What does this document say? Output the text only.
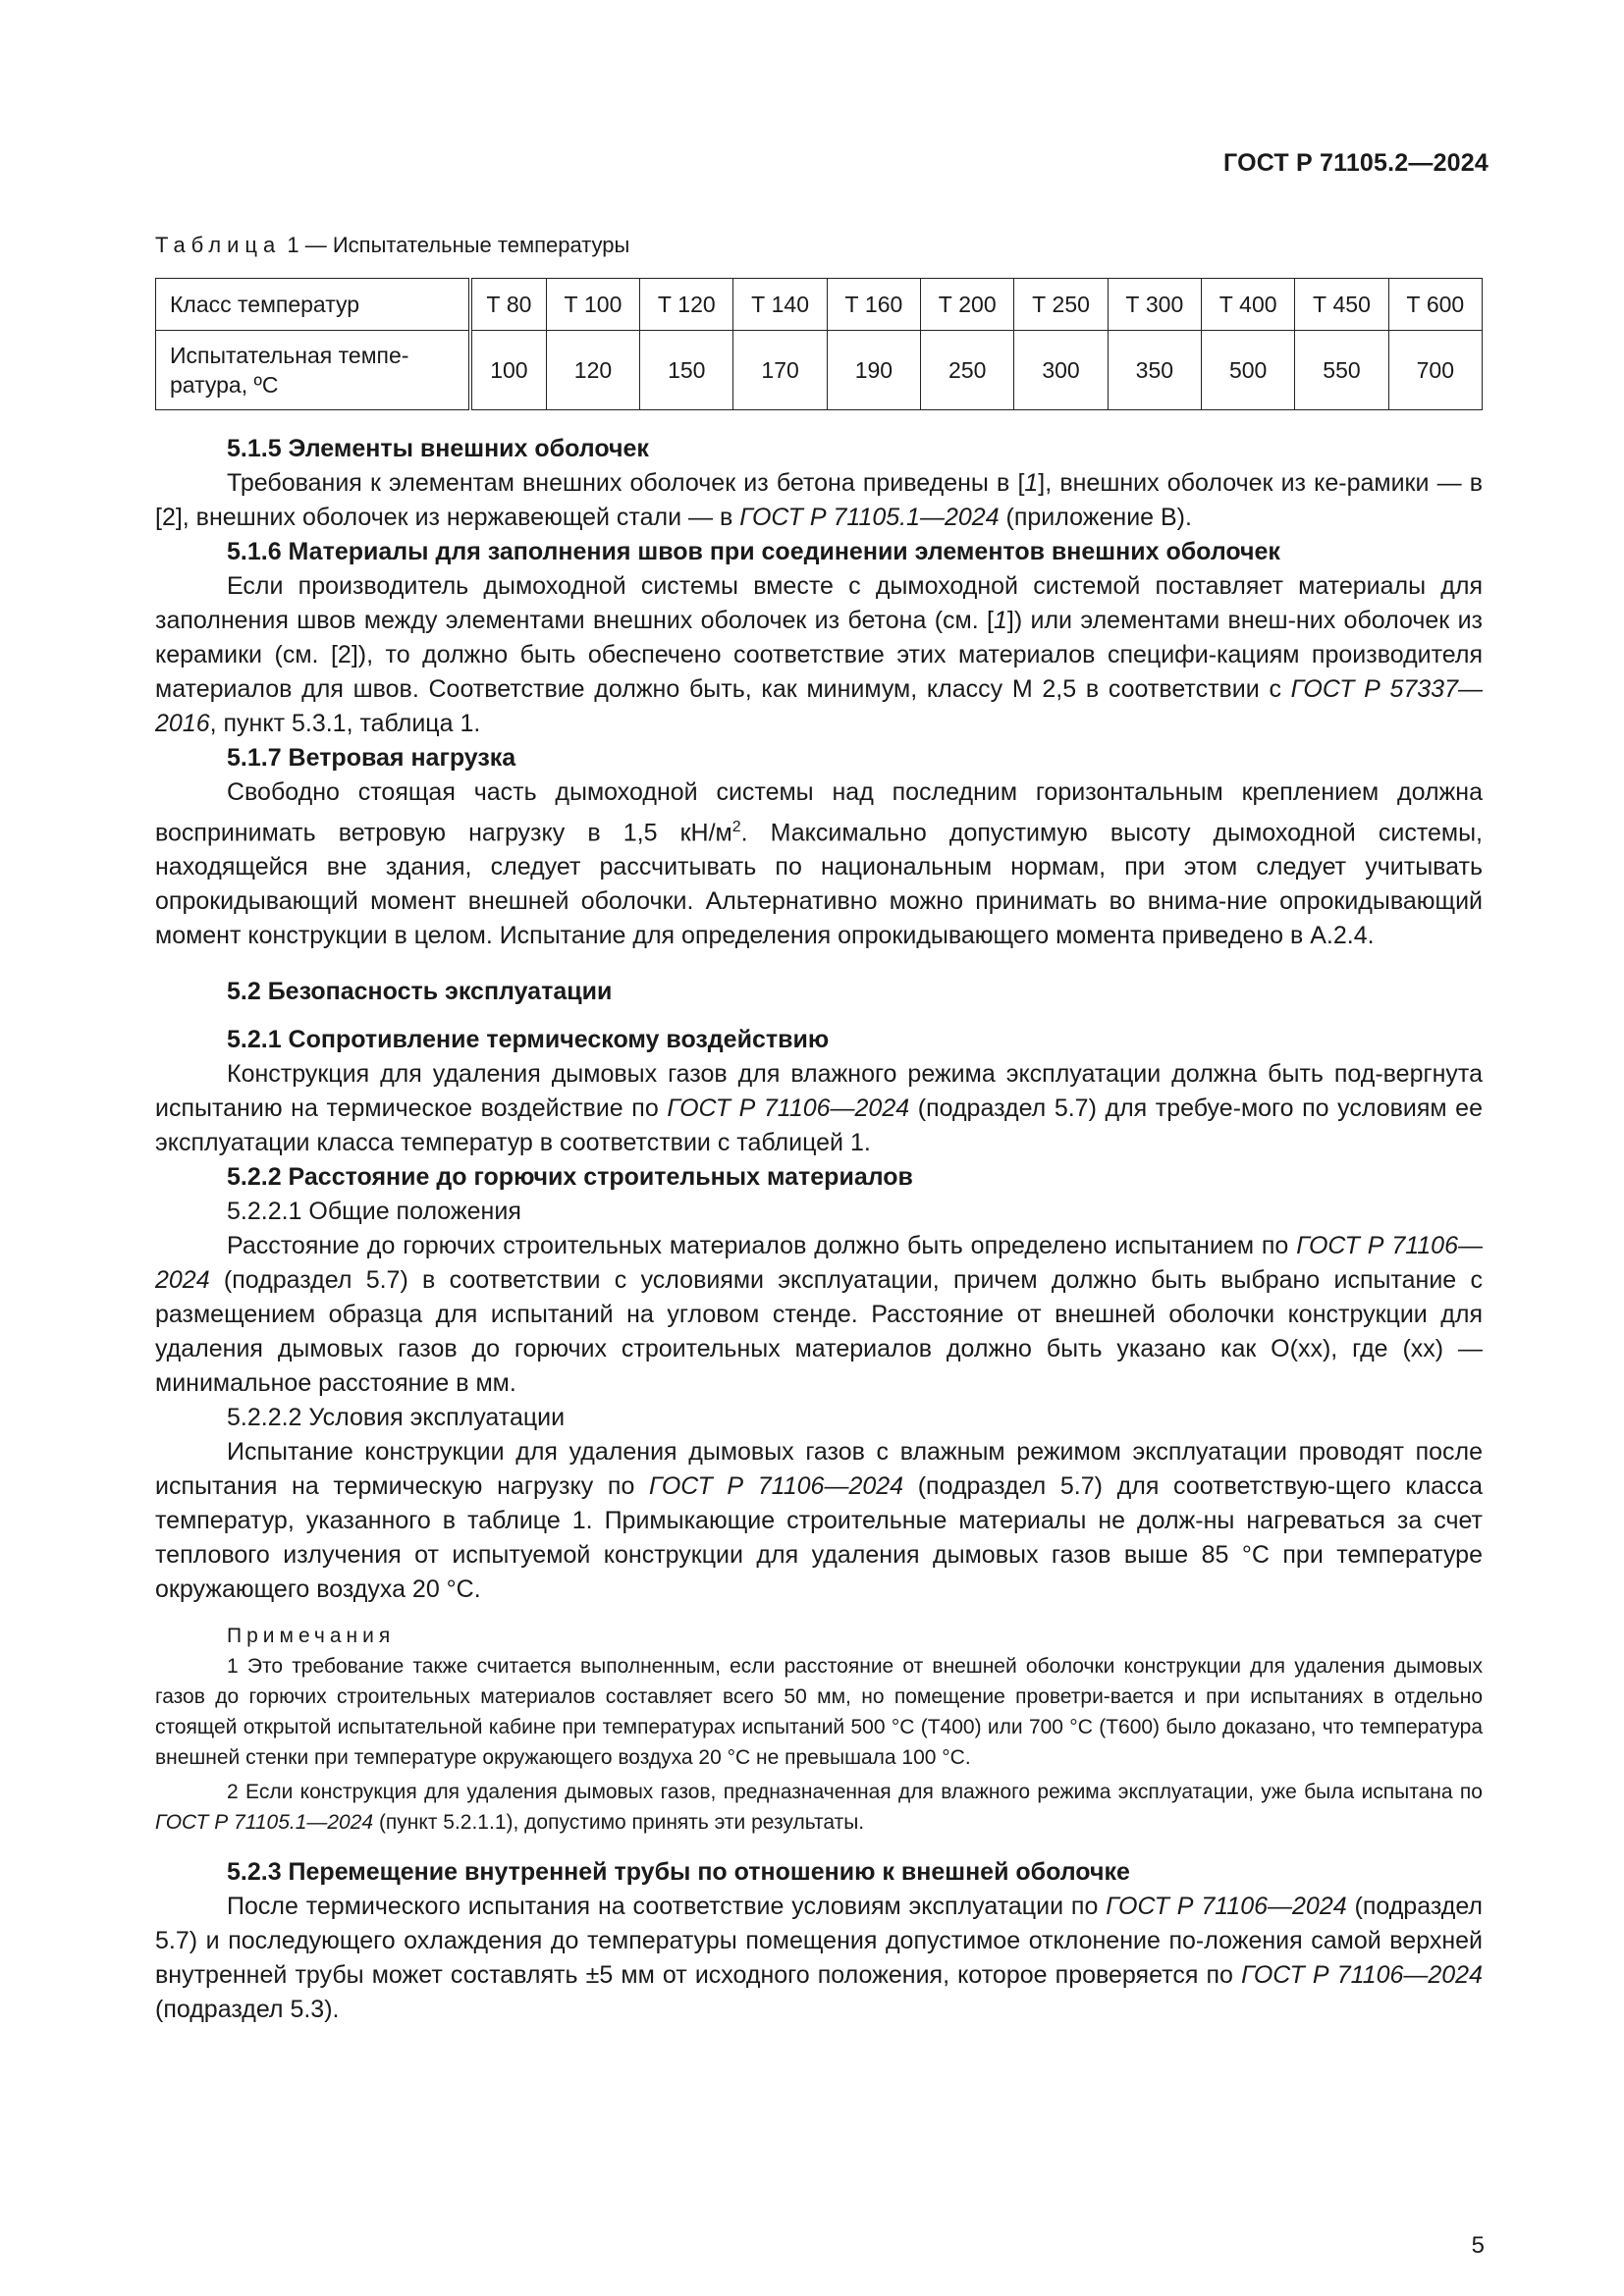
ГОСТ Р 71105.2—2024
Таблица 1 — Испытательные температуры
Класс температур	Т 80	Т 100	Т 120	Т 140	Т 160	Т 200	Т 250	Т 300	Т 400	Т 450	Т 600
Испытательная темпе-
ратура, ºС	100	120	150	170	190	250	300	350	500	550	700
5.1.5 Элементы внешних оболочек
Требования к элементам внешних оболочек из бетона приведены в [1], внешних оболочек из ке-рамики — в [2], внешних оболочек из нержавеющей стали — в ГОСТ Р 71105.1—2024 (приложение В).
5.1.6 Материалы для заполнения швов при соединении элементов внешних оболочек
Если производитель дымоходной системы вместе с дымоходной системой поставляет материалы для заполнения швов между элементами внешних оболочек из бетона (см. [1]) или элементами внеш-них оболочек из керамики (см. [2]), то должно быть обеспечено соответствие этих материалов специфи-кациям производителя материалов для швов. Соответствие должно быть, как минимум, классу М 2,5 в соответствии с ГОСТ Р 57337—2016, пункт 5.3.1, таблица 1.
5.1.7 Ветровая нагрузка
Свободно стоящая часть дымоходной системы над последним горизонтальным креплением должна воспринимать ветровую нагрузку в 1,5 $кН/м^2$. Максимально допустимую высоту дымоходной системы, находящейся вне здания, следует рассчитывать по национальным нормам, при этом следует учитывать опрокидывающий момент внешней оболочки. Альтернативно можно принимать во внима-ние опрокидывающий момент конструкции в целом. Испытание для определения опрокидывающего момента приведено в А.2.4.
5.2 Безопасность эксплуатации
5.2.1 Сопротивление термическому воздействию
Конструкция для удаления дымовых газов для влажного режима эксплуатации должна быть под-вергнута испытанию на термическое воздействие по ГОСТ Р 71106—2024 (подраздел 5.7) для требуе-мого по условиям ее эксплуатации класса температур в соответствии с таблицей 1.
5.2.2 Расстояние до горючих строительных материалов
5.2.2.1 Общие положения
Расстояние до горючих строительных материалов должно быть определено испытанием по ГОСТ Р 71106—2024 (подраздел 5.7) в соответствии с условиями эксплуатации, причем должно быть выбрано испытание с размещением образца для испытаний на угловом стенде. Расстояние от внешней оболочки конструкции для удаления дымовых газов до горючих строительных материалов должно быть указано как О(хх), где (хх) — минимальное расстояние в мм.
5.2.2.2 Условия эксплуатации
Испытание конструкции для удаления дымовых газов с влажным режимом эксплуатации проводят после испытания на термическую нагрузку по ГОСТ Р 71106—2024 (подраздел 5.7) для соответствую-щего класса температур, указанного в таблице 1. Примыкающие строительные материалы не долж-ны нагреваться за счет теплового излучения от испытуемой конструкции для удаления дымовых газов выше 85 °С при температуре окружающего воздуха 20 °С.
Примечания
1 Это требование также считается выполненным, если расстояние от внешней оболочки конструкции для удаления дымовых газов до горючих строительных материалов составляет всего 50 мм, но помещение проветри-вается и при испытаниях в отдельно стоящей открытой испытательной кабине при температурах испытаний 500 °С (Т400) или 700 °С (Т600) было доказано, что температура внешней стенки при температуре окружающего воздуха 20 °С не превышала 100 °С.
2 Если конструкция для удаления дымовых газов, предназначенная для влажного режима эксплуатации, уже была испытана по ГОСТ Р 71105.1—2024 (пункт 5.2.1.1), допустимо принять эти результаты.
5.2.3 Перемещение внутренней трубы по отношению к внешней оболочке
После термического испытания на соответствие условиям эксплуатации по ГОСТ Р 71106—2024 (подраздел 5.7) и последующего охлаждения до температуры помещения допустимое отклонение по-ложения самой верхней внутренней трубы может составлять ±5 мм от исходного положения, которое проверяется по ГОСТ Р 71106—2024 (подраздел 5.3).
5
